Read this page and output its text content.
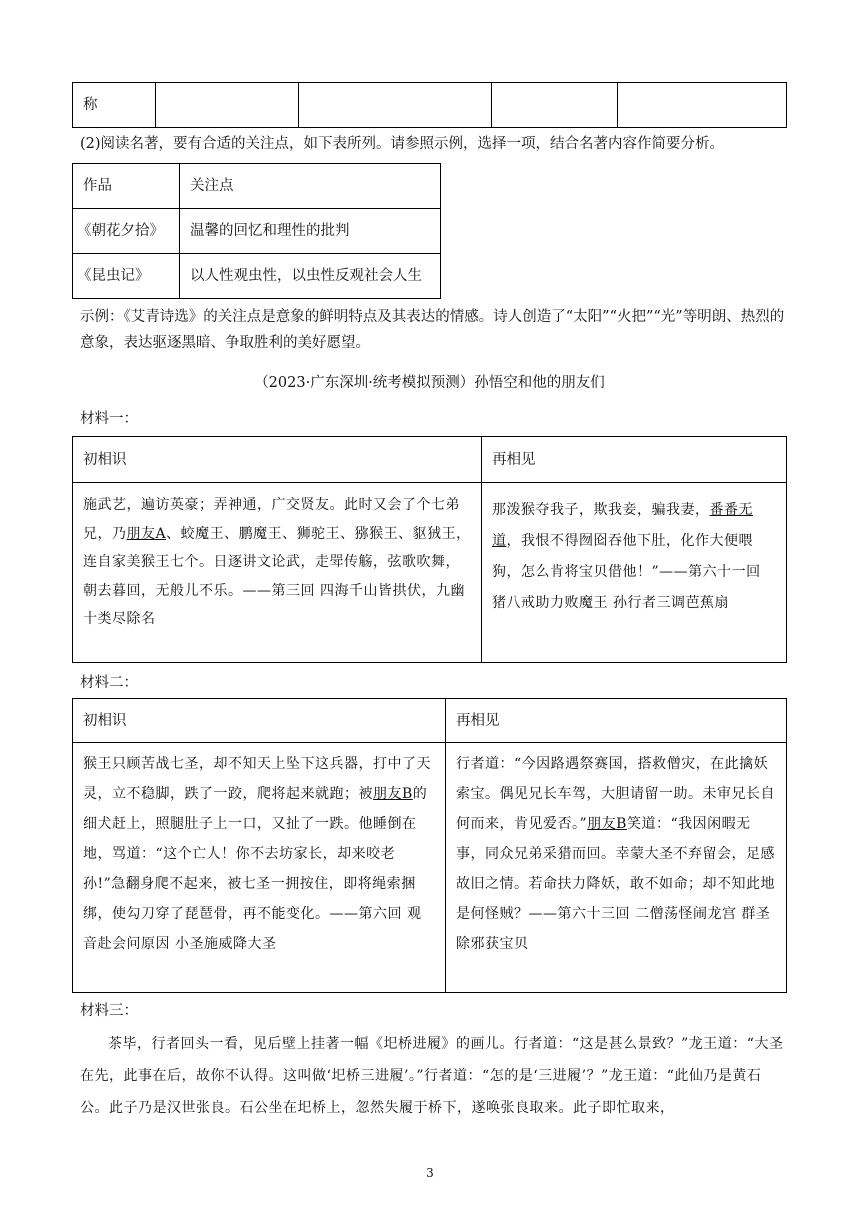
称				
(2)阅读名著，要有合适的关注点，如下表所列。请参照示例，选择一项，结合名著内容作简要分析。
作品	关注点
《朝花夕拾》	温馨的回忆和理性的批判
《昆虫记》	以人性观虫性，以虫性反观社会人生
示例：《艾青诗选》的关注点是意象的鲜明特点及其表达的情感。诗人创造了“太阳”“火把”“光”等明朗、热烈的意象，表达驱逐黑暗、争取胜利的美好愿望。
（2023·广东深圳·统考模拟预测）孙悟空和他的朋友们
材料一：
初相识	再相见
施武艺，遍访英豪；弄神通，广交贤友。此时又会了个七弟兄，乃朋友A、蛟魔王、鹏魔王、狮驼王、猕猴王、䝙狨王，连自家美猴王七个。日逐讲文论武，走斝传觞，弦歌吹舞，朝去暮回，无般儿不乐。——第三回 四海千山皆拱伏，九幽十类尽除名	那泼猴夺我子，欺我妾，骗我妻，番番无道，我恨不得囫囵吞他下肚，化作大便喂狗，怎么肯将宝贝借他！”——第六十一回 猪八戒助力败魔王 孙行者三调芭蕉扇
材料二：
初相识	再相见
猴王只顾苦战七圣，却不知天上坠下这兵器，打中了天灵，立不稳脚，跌了一跤，爬将起来就跑；被朋友B的细犬赶上，照腿肚子上一口，又扯了一跌。他睡倒在地，骂道：“这个亡人！你不去坊家长，却来咬老孙!”急翻身爬不起来，被七圣一拥按住，即将绳索捆绑，使勾刀穿了琵琶骨，再不能变化。——第六回 观音赴会问原因 小圣施威降大圣	行者道：“今因路遇祭赛国，搭救僧灾，在此擒妖索宝。偶见兄长车驾，大胆请留一助。未审兄长自何而来，肯见爱否。”朋友B笑道：“我因闲暇无事，同众兄弟采猎而回。幸蒙大圣不弃留会，足感故旧之情。若命扶力降妖，敢不如命；却不知此地是何怪贼？——第六十三回 二僧荡怪闹龙宫 群圣除邪获宝贝
材料三：
茶毕，行者回头一看，见后壁上挂著一幅《圯桥进履》的画儿。行者道：“这是甚么景致？”龙王道：“大圣在先，此事在后，故你不认得。这叫做‘圯桥三进履’。”行者道：“怎的是‘三进履’？”龙王道：“此仙乃是黄石公。此子乃是汉世张良。石公坐在圯桥上，忽然失履于桥下，遂唤张良取来。此子即忙取来，
3
